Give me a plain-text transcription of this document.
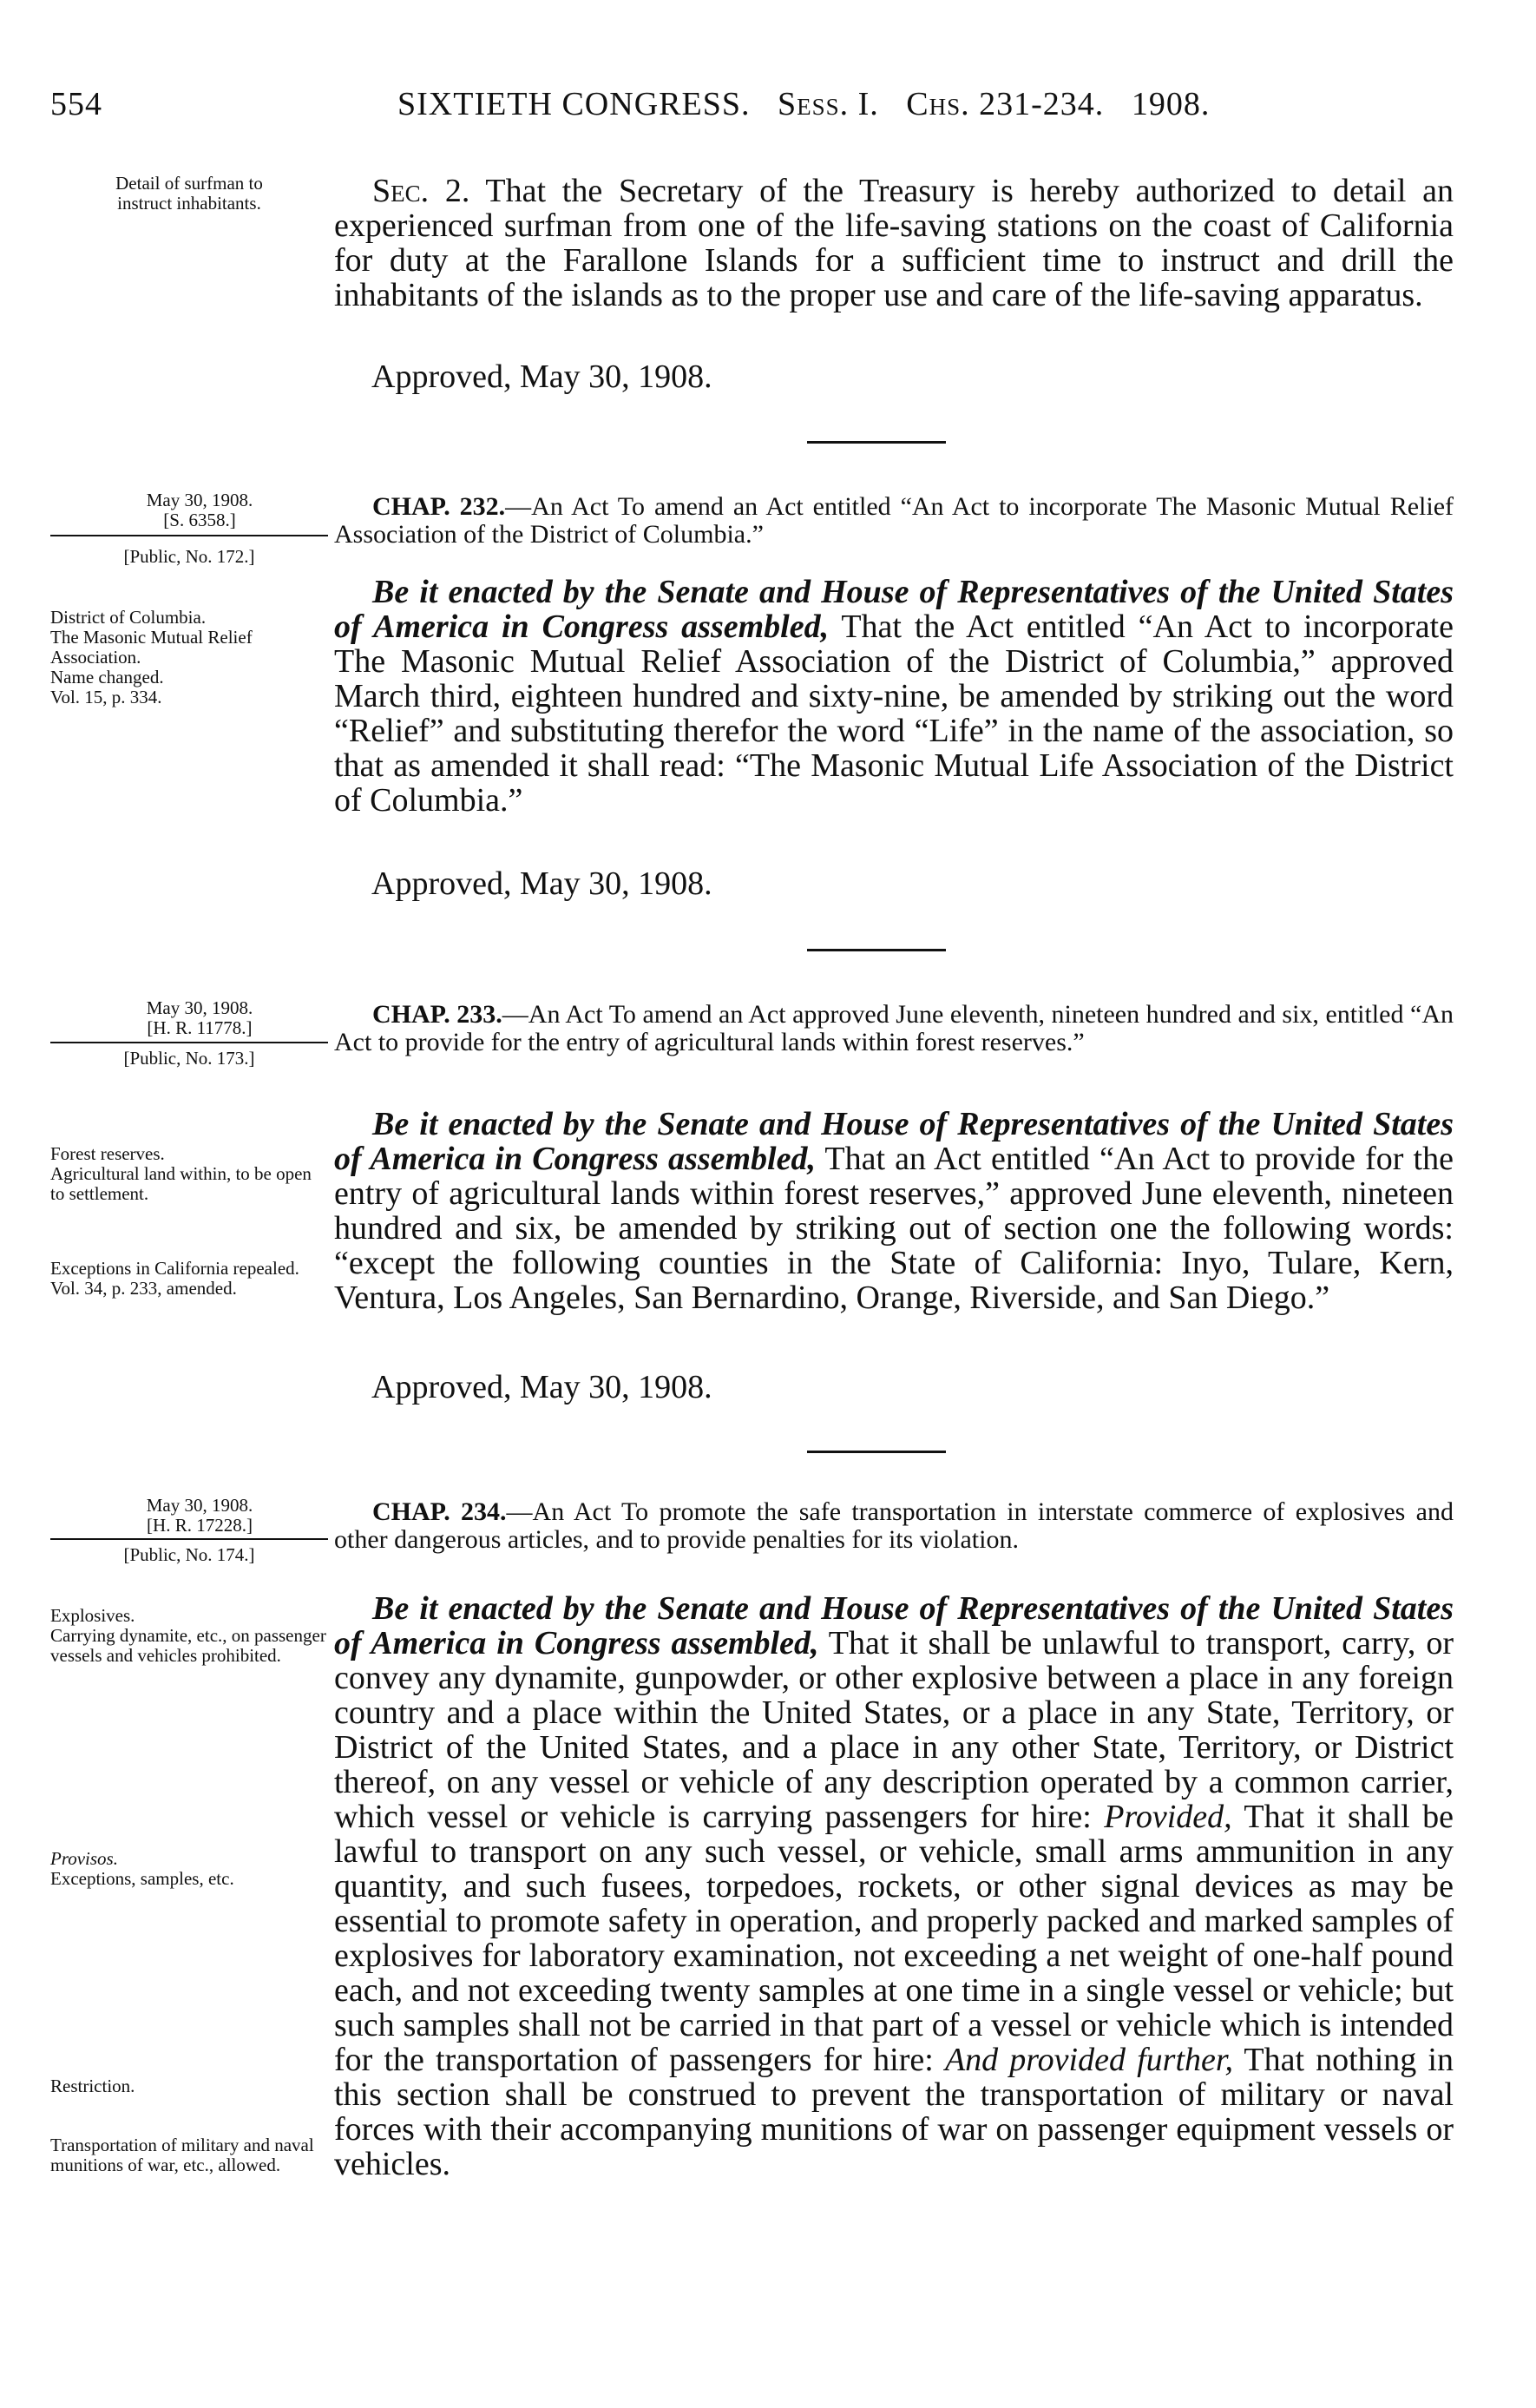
554	SIXTIETH CONGRESS. Sess. I. Chs. 231-234. 1908.
Detail of surfman to
instruct inhabitants.	Sec. 2. That the Secretary of the Treasury is hereby authorized to detail an experienced surfman from one of the life-saving stations on the coast of California for duty at the Farallone Islands for a sufficient time to instruct and drill the inhabitants of the islands as to the proper use and care of the life-saving apparatus.
Approved, May 30, 1908.
May 30, 1908.
[S. 6358.]
[Public, No. 172.]
CHAP. 232.—An Act To amend an Act entitled “An Act to incorporate The Masonic Mutual Relief Association of the District of Columbia.”
District of Columbia.
The Masonic Mutual Relief Association.
Name changed.
Vol. 15, p. 334.
Be it enacted by the Senate and House of Representatives of the United States of America in Congress assembled, That the Act entitled “An Act to incorporate The Masonic Mutual Relief Association of the District of Columbia,” approved March third, eighteen hundred and sixty-nine, be amended by striking out the word “Relief” and substituting therefor the word “Life” in the name of the association, so that as amended it shall read: “The Masonic Mutual Life Association of the District of Columbia.”
Approved, May 30, 1908.
May 30, 1908.
[H. R. 11778.]
[Public, No. 173.]
CHAP. 233.—An Act To amend an Act approved June eleventh, nineteen hundred and six, entitled “An Act to provide for the entry of agricultural lands within forest reserves.”
Forest reserves.
Agricultural land within, to be open to settlement.
Exceptions in California repealed.
Vol. 34, p. 233, amended.
Be it enacted by the Senate and House of Representatives of the United States of America in Congress assembled, That an Act entitled “An Act to provide for the entry of agricultural lands within forest reserves,” approved June eleventh, nineteen hundred and six, be amended by striking out of section one the following words: “except the following counties in the State of California: Inyo, Tulare, Kern, Ventura, Los Angeles, San Bernardino, Orange, Riverside, and San Diego.”
Approved, May 30, 1908.
May 30, 1908.
[H. R. 17228.]
[Public, No. 174.]
CHAP. 234.—An Act To promote the safe transportation in interstate commerce of explosives and other dangerous articles, and to provide penalties for its violation.
Explosives.
Carrying dynamite, etc., on passenger vessels and vehicles prohibited.
Provisos.
Exceptions, samples, etc.
Restriction.
Transportation of military and naval munitions of war, etc., allowed.
Be it enacted by the Senate and House of Representatives of the United States of America in Congress assembled, That it shall be unlawful to transport, carry, or convey any dynamite, gunpowder, or other explosive between a place in any foreign country and a place within the United States, or a place in any State, Territory, or District of the United States, and a place in any other State, Territory, or District thereof, on any vessel or vehicle of any description operated by a common carrier, which vessel or vehicle is carrying passengers for hire: Provided, That it shall be lawful to transport on any such vessel, or vehicle, small arms ammunition in any quantity, and such fusees, torpedoes, rockets, or other signal devices as may be essential to promote safety in operation, and properly packed and marked samples of explosives for laboratory examination, not exceeding a net weight of one-half pound each, and not exceeding twenty samples at one time in a single vessel or vehicle; but such samples shall not be carried in that part of a vessel or vehicle which is intended for the transportation of passengers for hire: And provided further, That nothing in this section shall be construed to prevent the transportation of military or naval forces with their accompanying munitions of war on passenger equipment vessels or vehicles.
